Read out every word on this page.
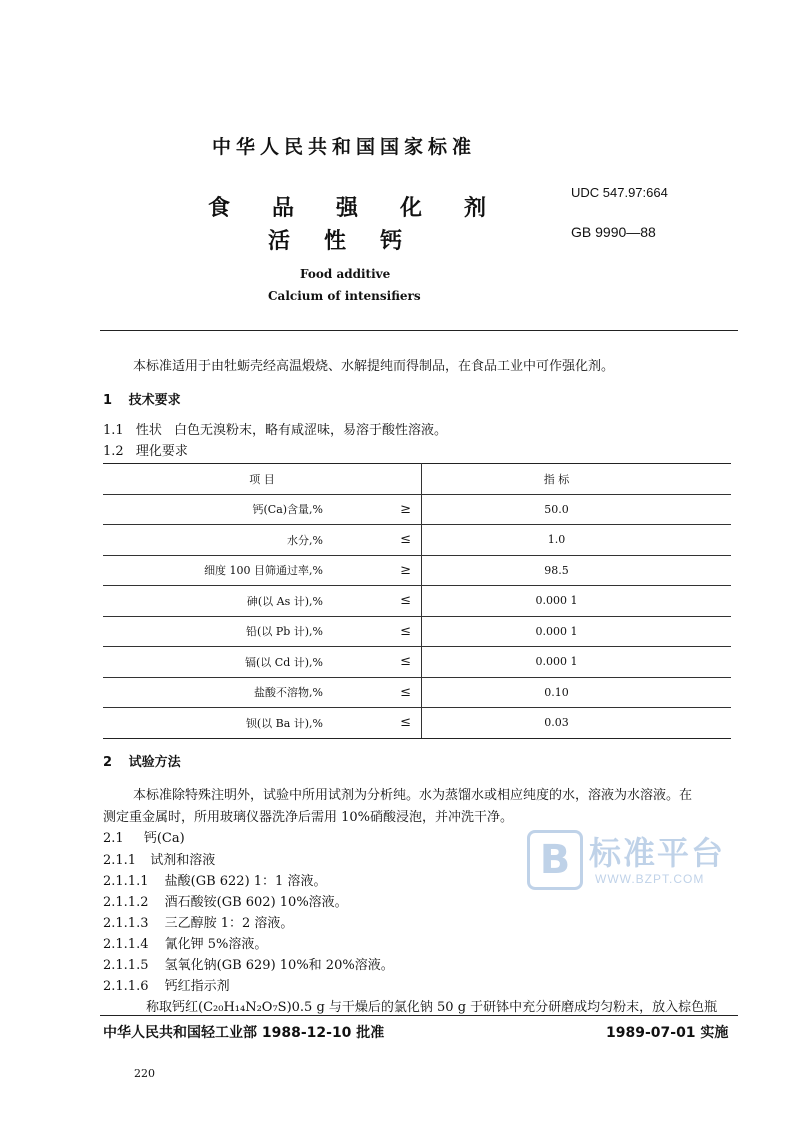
中华人民共和国国家标准
食品强化剂
活性钙
UDC 547.97:664
GB 9990—88
Food additive
Calcium of intensifiers
本标准适用于由牡蛎壳经高温煅烧、水解提纯而得制品，在食品工业中可作强化剂。
1 技术要求
1.1 性状 白色无溴粉末，略有咸涩味，易溶于酸性溶液。
1.2 理化要求
项 目		指 标
钙(Ca)含量,%	≥	50.0
水分,%	≤	1.0
细度 100 目筛通过率,%	≥	98.5
砷(以 As 计),%	≤	0.000 1
铅(以 Pb 计),%	≤	0.000 1
镉(以 Cd 计),%	≤	0.000 1
盐酸不溶物,%	≤	0.10
钡(以 Ba 计),%	≤	0.03
2 试验方法
本标准除特殊注明外，试验中所用试剂为分析纯。水为蒸馏水或相应纯度的水，溶液为水溶液。在
测定重金属时，所用玻璃仪器洗净后需用 10%硝酸浸泡，并冲洗干净。
2.1 钙(Ca)
2.1.1 试剂和溶液
2.1.1.1 盐酸(GB 622) 1：1 溶液。
2.1.1.2 酒石酸铵(GB 602) 10%溶液。
2.1.1.3 三乙醇胺 1：2 溶液。
2.1.1.4 氰化钾 5%溶液。
2.1.1.5 氢氧化钠(GB 629) 10%和 20%溶液。
2.1.1.6 钙红指示剂
称取钙红(C₂₀H₁₄N₂O₇S)0.5 g 与干燥后的氯化钠 50 g 于研钵中充分研磨成均匀粉末，放入棕色瓶
B 标准平台
WWW.BZPT.COM
中华人民共和国轻工业部 1988-12-10 批准	1989-07-01 实施
220
